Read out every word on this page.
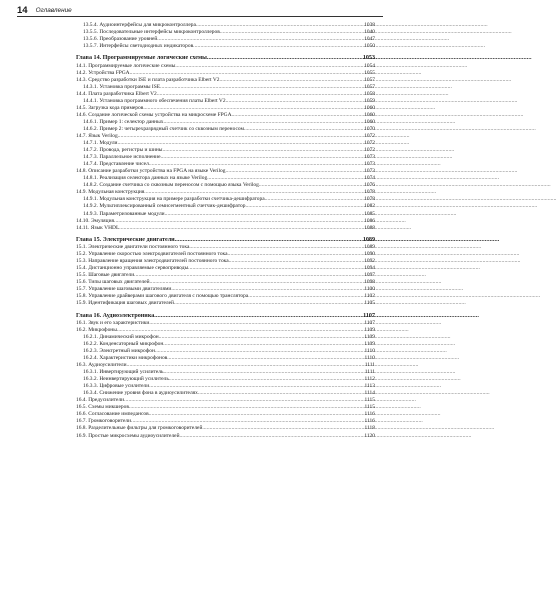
14 Оглавление
13.5.4. Аудиоинтерфейсы для микроконтроллера .....	1038
13.5.5. Последовательные интерфейсы микроконтроллеров .....	1040
13.5.6. Преобразование уровней .....	1047
13.5.7. Интерфейсы светодиодных индикаторов .....	1050
Глава 14. Программируемые логические схемы .....	1053
14.1. Программируемые логические схемы .....	1054
14.2. Устройства FPGA .....	1055
14.3. Средство разработки ISE и плата разработчика Elbert V2 .....	1057
14.3.1. Установка программы ISE .....	1057
14.4. Плата разработчика Elbert V2 .....	1058
14.4.1. Установка программного обеспечения платы Elbert V2 .....	1059
14.5. Загрузка кода примеров .....	1060
14.6. Создание логической схемы устройства на микросхеме FPGA .....	1060
14.6.1. Пример 1: селектор данных .....	1060
14.6.2. Пример 2: четырехразрядный счетчик со сквозным переносом .....	1070
14.7. Язык Verilog .....	1072
14.7.1. Модули .....	1072
14.7.2. Провода, регистры и шины .....	1072
14.7.3. Параллельное исполнение .....	1073
14.7.4. Представление чисел .....	1073
14.8. Описание разработки устройства на FPGA на языке Verilog .....	1073
14.8.1. Реализация селектора данных на языке Verilog .....	1074
14.8.2. Создание счетчика со сквозным переносом с помощью языка Verilog .....	1076
14.9. Модульная конструкция .....	1078
14.9.1. Модульная конструкция на примере разработки счетчика-дешифратора .....	1078
14.9.2. Мультиплексированный семисегментный счетчик-дешифратор .....	1082
14.9.3. Параметризованные модули .....	1085
14.10. Эмуляция .....	1086
14.11. Язык VHDL .....	1088
Глава 15. Электрические двигатели .....	1089
15.1. Электрические двигатели постоянного тока .....	1089
15.2. Управление скоростью электродвигателей постоянного тока .....	1090
15.3. Направление вращения электродвигателей постоянного тока .....	1092
15.4. Дистанционно управляемые сервоприводы .....	1094
15.5. Шаговые двигатели .....	1097
15.6. Типы шаговых двигателей .....	1098
15.7. Управление шаговыми двигателями .....	1100
15.8. Управление драйверами шагового двигателя с помощью транслятора .....	1102
15.9. Идентификация шаговых двигателей .....	1105
Глава 16. Аудиоэлектроника .....	1107
16.1. Звук и его характеристики .....	1107
16.2. Микрофоны .....	1109
16.2.1. Динамический микрофон .....	1109
16.2.2. Конденсаторный микрофон .....	1109
16.2.3. Электретный микрофон .....	1110
16.2.4. Характеристики микрофонов .....	1110
16.3. Аудиоусилители .....	1111
16.3.1. Инвертирующий усилитель .....	1111
16.3.2. Неинвертирующий усилитель .....	1112
16.3.3. Цифровые усилители .....	1113
16.3.4. Снижение уровня фона в аудиоусилителях .....	1114
16.4. Предусилители .....	1115
16.5. Схемы микшеров .....	1115
16.6. Согласование импедансов .....	1116
16.7. Громкоговорители .....	1116
16.8. Разделительные фильтры для громкоговорителей .....	1118
16.9. Простые микросхемы аудиоусилителей .....	1120
